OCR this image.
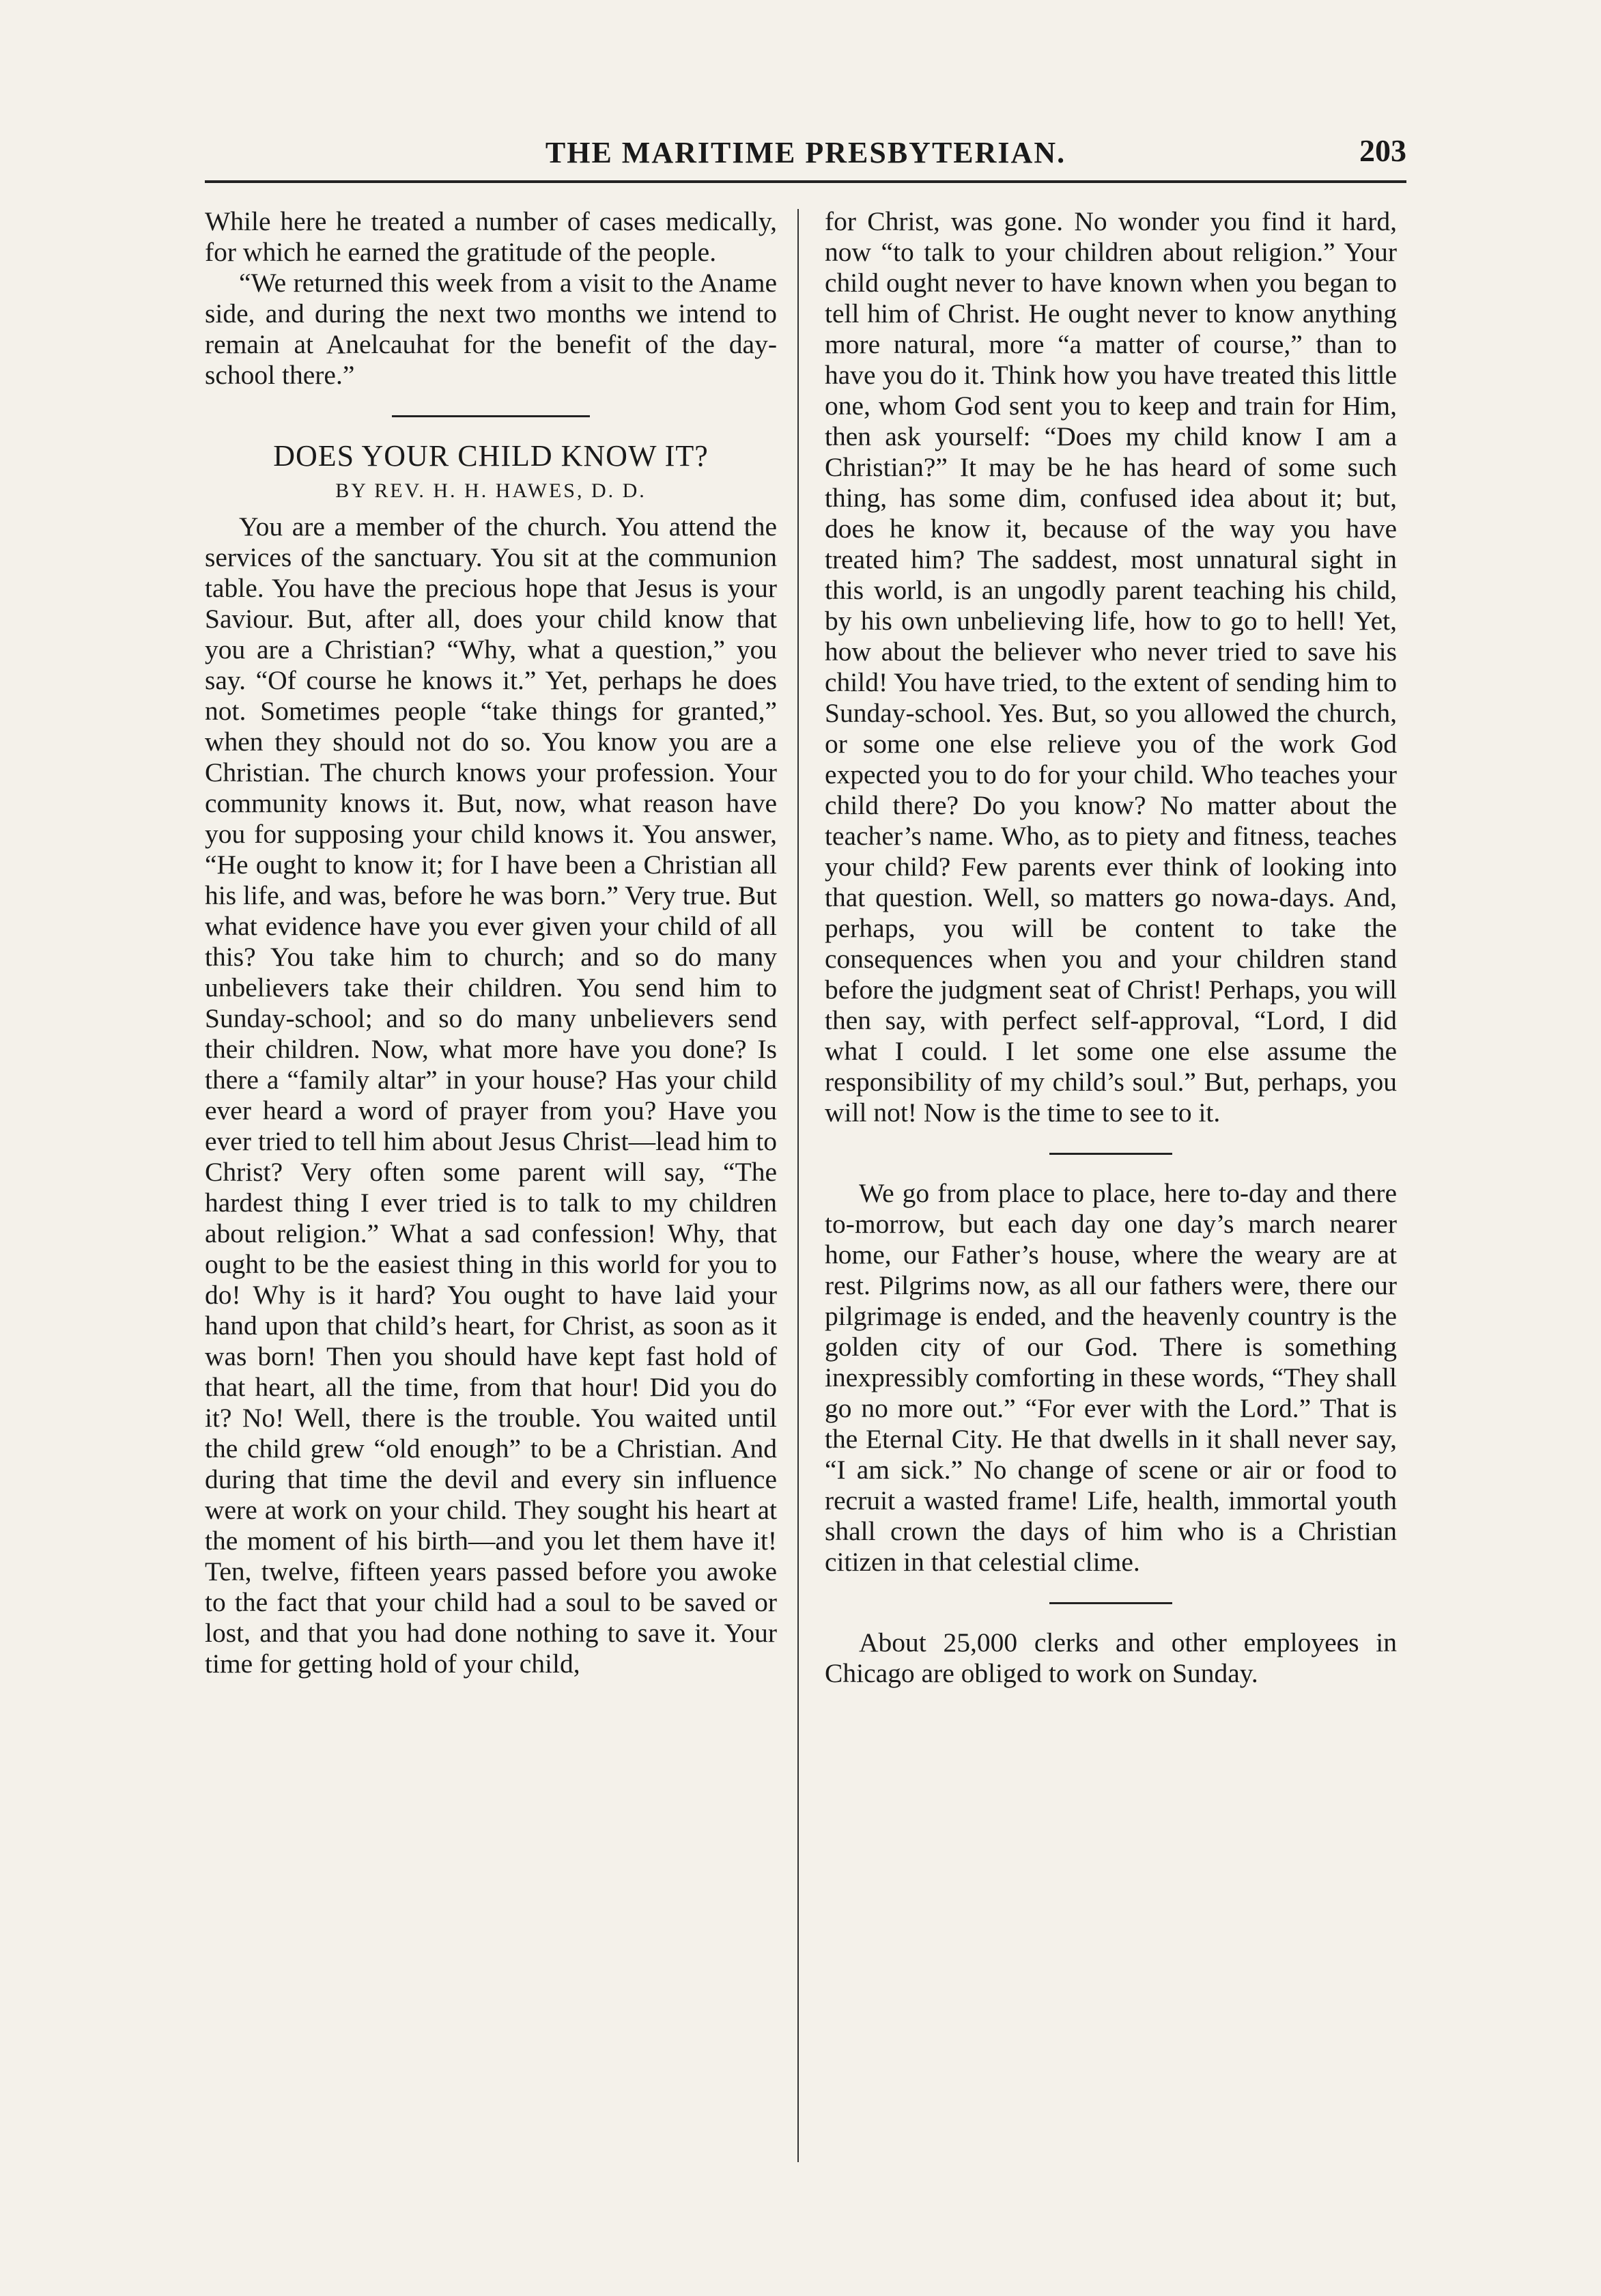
THE MARITIME PRESBYTERIAN.	203

While here he treated a number of cases medically, for which he earned the gratitude of the people.

“We returned this week from a visit to the Aname side, and during the next two months we intend to remain at Anelcauhat for the benefit of the day-school there.”

DOES YOUR CHILD KNOW IT?
BY REV. H. H. HAWES, D. D.

You are a member of the church. You attend the services of the sanctuary. You sit at the communion table. You have the precious hope that Jesus is your Saviour. But, after all, does your child know that you are a Christian? “Why, what a question,” you say. “Of course he knows it.” Yet, perhaps he does not. Sometimes people “take things for granted,” when they should not do so. You know you are a Christian. The church knows your profession. Your community knows it. But, now, what reason have you for supposing your child knows it. You answer, “He ought to know it; for I have been a Christian all his life, and was, before he was born.” Very true. But what evidence have you ever given your child of all this? You take him to church; and so do many unbelievers take their children. You send him to Sunday-school; and so do many unbelievers send their children. Now, what more have you done? Is there a “family altar” in your house? Has your child ever heard a word of prayer from you? Have you ever tried to tell him about Jesus Christ—lead him to Christ? Very often some parent will say, “The hardest thing I ever tried is to talk to my children about religion.” What a sad confession! Why, that ought to be the easiest thing in this world for you to do! Why is it hard? You ought to have laid your hand upon that child’s heart, for Christ, as soon as it was born! Then you should have kept fast hold of that heart, all the time, from that hour! Did you do it? No! Well, there is the trouble. You waited until the child grew “old enough” to be a Christian. And during that time the devil and every sin influence were at work on your child. They sought his heart at the moment of his birth—and you let them have it! Ten, twelve, fifteen years passed before you awoke to the fact that your child had a soul to be saved or lost, and that you had done nothing to save it. Your time for getting hold of your child,

for Christ, was gone. No wonder you find it hard, now “to talk to your children about religion.” Your child ought never to have known when you began to tell him of Christ. He ought never to know anything more natural, more “a matter of course,” than to have you do it. Think how you have treated this little one, whom God sent you to keep and train for Him, then ask yourself: “Does my child know I am a Christian?” It may be he has heard of some such thing, has some dim, confused idea about it; but, does he know it, because of the way you have treated him? The saddest, most unnatural sight in this world, is an ungodly parent teaching his child, by his own unbelieving life, how to go to hell! Yet, how about the believer who never tried to save his child! You have tried, to the extent of sending him to Sunday-school. Yes. But, so you allowed the church, or some one else relieve you of the work God expected you to do for your child. Who teaches your child there? Do you know? No matter about the teacher’s name. Who, as to piety and fitness, teaches your child? Few parents ever think of looking into that question. Well, so matters go nowa-days. And, perhaps, you will be content to take the consequences when you and your children stand before the judgment seat of Christ! Perhaps, you will then say, with perfect self-approval, “Lord, I did what I could. I let some one else assume the responsibility of my child’s soul.” But, perhaps, you will not! Now is the time to see to it.

We go from place to place, here to-day and there to-morrow, but each day one day’s march nearer home, our Father’s house, where the weary are at rest. Pilgrims now, as all our fathers were, there our pilgrimage is ended, and the heavenly country is the golden city of our God. There is something inexpressibly comforting in these words, “They shall go no more out.” “For ever with the Lord.” That is the Eternal City. He that dwells in it shall never say, “I am sick.” No change of scene or air or food to recruit a wasted frame! Life, health, immortal youth shall crown the days of him who is a Christian citizen in that celestial clime.

About 25,000 clerks and other employees in Chicago are obliged to work on Sunday.
